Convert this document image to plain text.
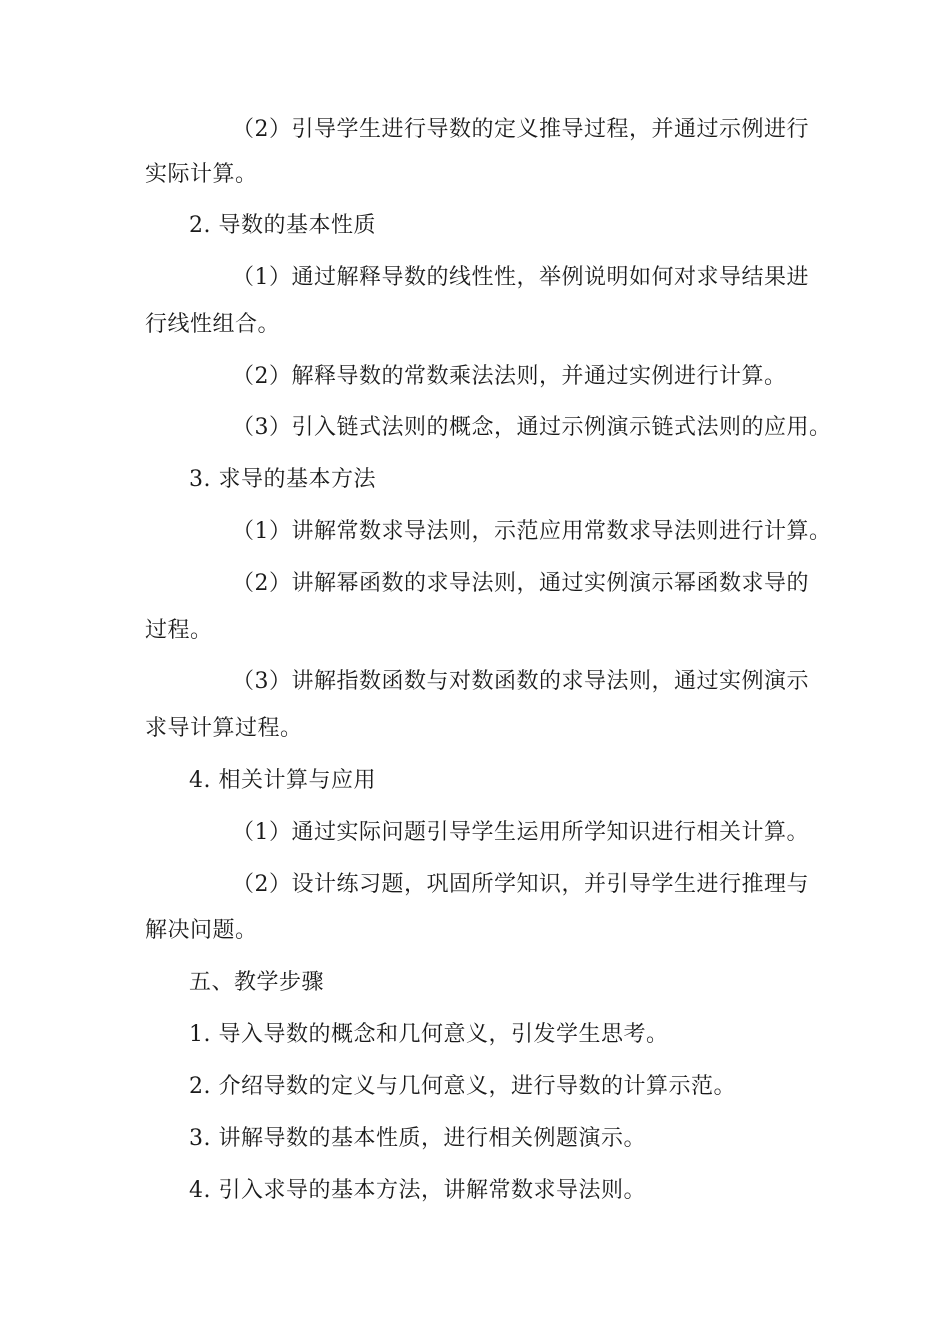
（2）引导学生进行导数的定义推导过程，并通过示例进行
实际计算。
2. 导数的基本性质
（1）通过解释导数的线性性，举例说明如何对求导结果进
行线性组合。
（2）解释导数的常数乘法法则，并通过实例进行计算。
（3）引入链式法则的概念，通过示例演示链式法则的应用。
3. 求导的基本方法
（1）讲解常数求导法则，示范应用常数求导法则进行计算。
（2）讲解幂函数的求导法则，通过实例演示幂函数求导的
过程。
（3）讲解指数函数与对数函数的求导法则，通过实例演示
求导计算过程。
4. 相关计算与应用
（1）通过实际问题引导学生运用所学知识进行相关计算。
（2）设计练习题，巩固所学知识，并引导学生进行推理与
解决问题。
五、教学步骤
1. 导入导数的概念和几何意义，引发学生思考。
2. 介绍导数的定义与几何意义，进行导数的计算示范。
3. 讲解导数的基本性质，进行相关例题演示。
4. 引入求导的基本方法，讲解常数求导法则。
